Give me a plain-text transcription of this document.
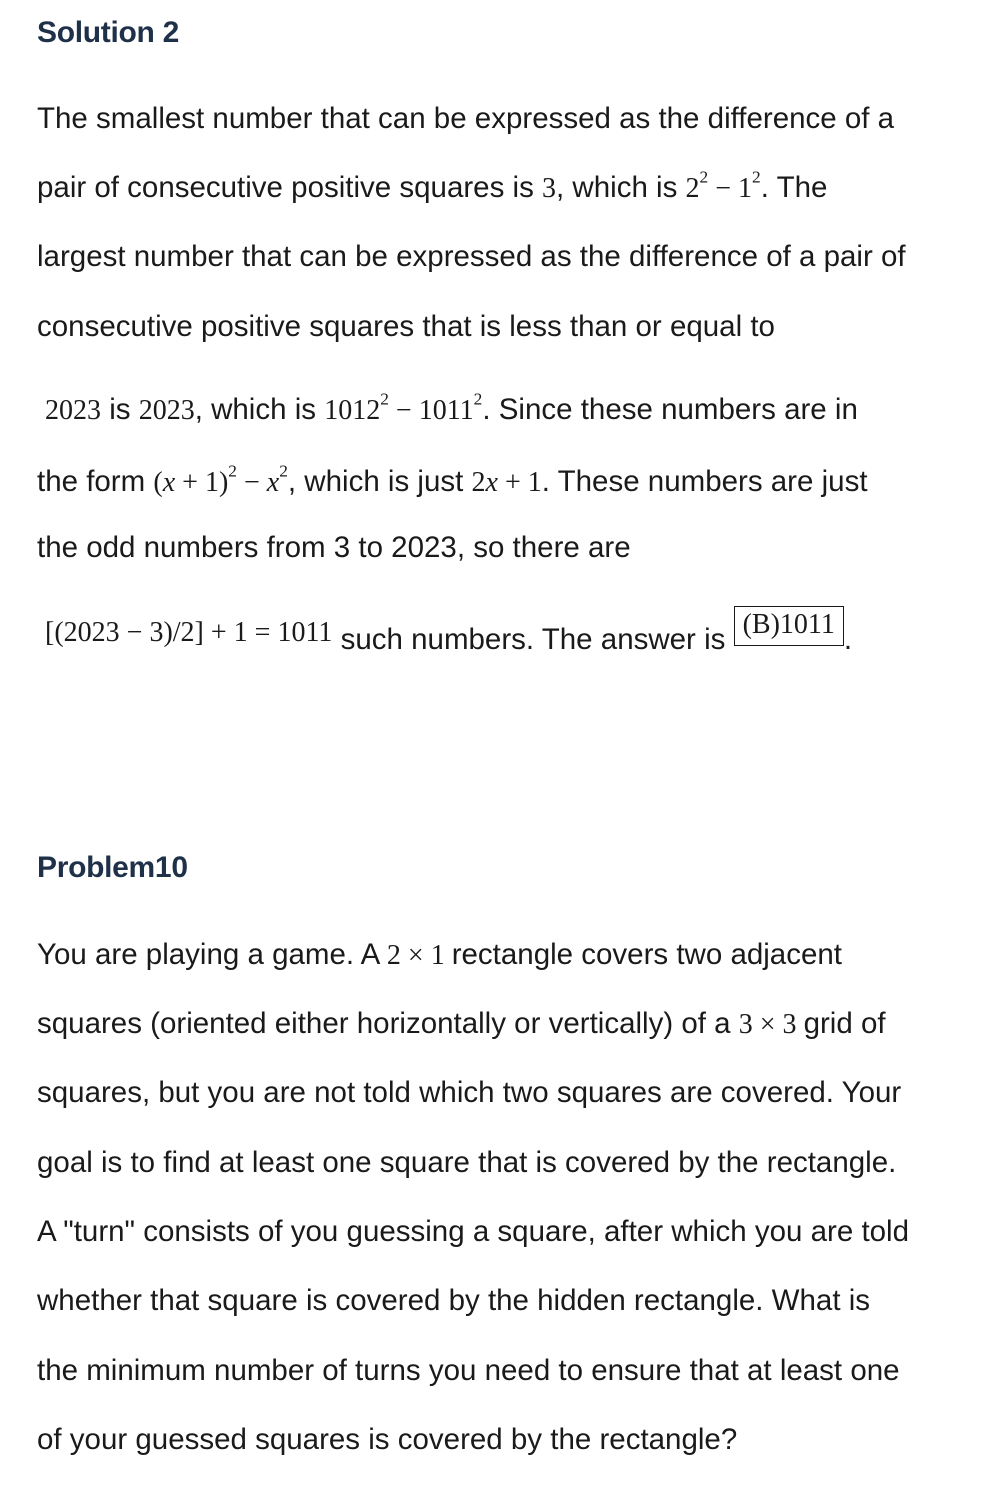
Solution 2
The smallest number that can be expressed as the difference of a
pair of consecutive positive squares is 3, which is $2^2 - 1^2$. The
largest number that can be expressed as the difference of a pair of
consecutive positive squares that is less than or equal to
2023 is 2023, which is $1012^2 - 1011^2$. Since these numbers are in
the form $(x + 1)^2 - x^2$, which is just 2x + 1. These numbers are just
the odd numbers from 3 to 2023, so there are
[(2023 − 3)/2] + 1 = 1011 such numbers. The answer is (B)1011 .
Problem10
You are playing a game. A 2 × 1 rectangle covers two adjacent
squares (oriented either horizontally or vertically) of a 3 × 3 grid of
squares, but you are not told which two squares are covered. Your
goal is to find at least one square that is covered by the rectangle.
A "turn" consists of you guessing a square, after which you are told
whether that square is covered by the hidden rectangle. What is
the minimum number of turns you need to ensure that at least one
of your guessed squares is covered by the rectangle?
